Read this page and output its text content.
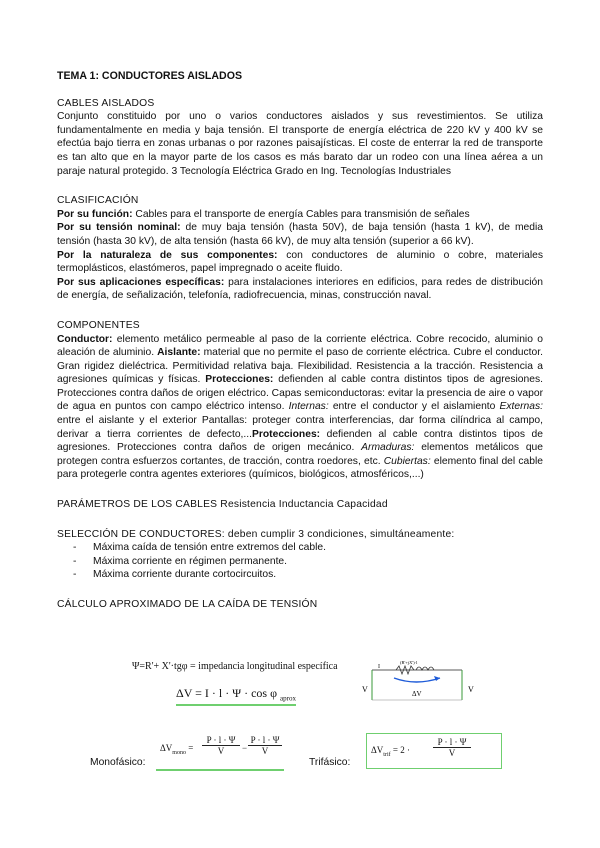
TEMA 1: CONDUCTORES AISLADOS
CABLES AISLADOS

Conjunto constituido por uno o varios conductores aislados y sus revestimientos. Se utiliza fundamentalmente en media y baja tensión. El transporte de energía eléctrica de 220 kV y 400 kV se efectúa bajo tierra en zonas urbanas o por razones paisajísticas. El coste de enterrar la red de transporte es tan alto que en la mayor parte de los casos es más barato dar un rodeo con una línea aérea a un paraje natural protegido. 3 Tecnología Eléctrica Grado en Ing. Tecnologías Industriales

CLASIFICACIÓN

Por su función: Cables para el transporte de energía Cables para transmisión de señales

Por su tensión nominal: de muy baja tensión (hasta 50V), de baja tensión (hasta 1 kV), de media tensión (hasta 30 kV), de alta tensión (hasta 66 kV), de muy alta tensión (superior a 66 kV).

Por la naturaleza de sus componentes: con conductores de aluminio o cobre, materiales termoplásticos, elastómeros, papel impregnado o aceite fluido.

Por sus aplicaciones específicas: para instalaciones interiores en edificios, para redes de distribución de energía, de señalización, telefonía, radiofrecuencia, minas, construcción naval.

COMPONENTES

Conductor: elemento metálico permeable al paso de la corriente eléctrica. Cobre recocido, aluminio o aleación de aluminio. Aislante: material que no permite el paso de corriente eléctrica. Cubre el conductor. Gran rigidez dieléctrica. Permitividad relativa baja. Flexibilidad. Resistencia a la tracción. Resistencia a agresiones químicas y físicas. Protecciones: defienden al cable contra distintos tipos de agresiones. Protecciones contra daños de origen eléctrico. Capas semiconductoras: evitar la presencia de aire o vapor de agua en puntos con campo eléctrico intenso. Internas: entre el conductor y el aislamiento Externas: entre el aislante y el exterior Pantallas: proteger contra interferencias, dar forma cilíndrica al campo, derivar a tierra corrientes de defecto,...Protecciones: defienden al cable contra distintos tipos de agresiones. Protecciones contra daños de origen mecánico. Armaduras: elementos metálicos que protegen contra esfuerzos cortantes, de tracción, contra roedores, etc. Cubiertas: elemento final del cable para protegerle contra agentes exteriores (químicos, biológicos, atmosféricos,...)

PARÁMETROS DE LOS CABLES Resistencia Inductancia Capacidad
SELECCIÓN DE CONDUCTORES: deben cumplir 3 condiciones, simultáneamente:
- Máxima caída de tensión entre extremos del cable.
- Máxima corriente en régimen permanente.
- Máxima corriente durante cortocircuitos.
CÁLCULO APROXIMADO DE LA CAÍDA DE TENSIÓN
Ψ=R'+ X'·tgφ = impedancia longitudinal específica
ΔV = I · l · Ψ · cos φ $_{aprox}$
V	V
ΔV
I
(R'+jX')·l
$\Delta V_{mono} = \frac{P \cdot l \cdot \Psi}{V} - \frac{P \cdot l \cdot \Psi}{V}$	$\Delta V_{trif} = 2$ ·	$\frac{P \cdot l \cdot \Psi}{V}$
Monofásico:	Trifásico:
